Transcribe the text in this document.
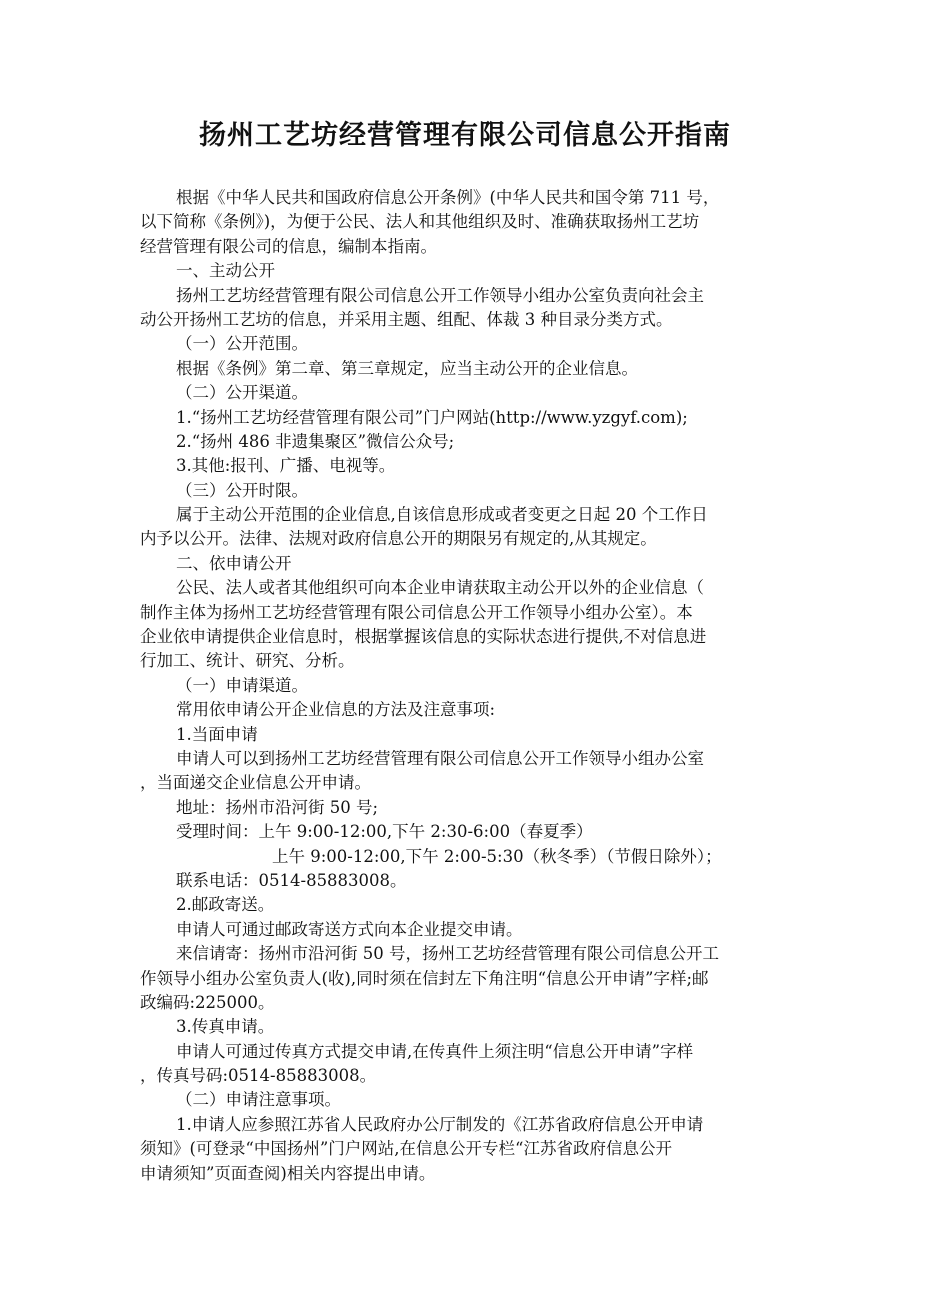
扬州工艺坊经营管理有限公司信息公开指南
根据《中华人民共和国政府信息公开条例》(中华人民共和国令第 711 号，
以下简称《条例》)，为便于公民、法人和其他组织及时、准确获取扬州工艺坊
经营管理有限公司的信息，编制本指南。
一、主动公开
扬州工艺坊经营管理有限公司信息公开工作领导小组办公室负责向社会主
动公开扬州工艺坊的信息，并采用主题、组配、体裁 3 种目录分类方式。
（一）公开范围。
根据《条例》第二章、第三章规定，应当主动公开的企业信息。
（二）公开渠道。
1.“扬州工艺坊经营管理有限公司”门户网站(http://www.yzgyf.com);
2.“扬州 486 非遗集聚区”微信公众号;
3.其他:报刊、广播、电视等。
（三）公开时限。
属于主动公开范围的企业信息,自该信息形成或者变更之日起 20 个工作日
内予以公开。法律、法规对政府信息公开的期限另有规定的,从其规定。
二、依申请公开
公民、法人或者其他组织可向本企业申请获取主动公开以外的企业信息（
制作主体为扬州工艺坊经营管理有限公司信息公开工作领导小组办公室）。本
企业依申请提供企业信息时，根据掌握该信息的实际状态进行提供,不对信息进
行加工、统计、研究、分析。
（一）申请渠道。
常用依申请公开企业信息的方法及注意事项:
1.当面申请
申请人可以到扬州工艺坊经营管理有限公司信息公开工作领导小组办公室
，当面递交企业信息公开申请。
地址：扬州市沿河街 50 号;
受理时间：上午 9:00-12:00,下午 2:30-6:00（春夏季）
上午 9:00-12:00,下午 2:00-5:30（秋冬季）（节假日除外）；
联系电话：0514-85883008。
2.邮政寄送。
申请人可通过邮政寄送方式向本企业提交申请。
来信请寄：扬州市沿河街 50 号，扬州工艺坊经营管理有限公司信息公开工
作领导小组办公室负责人(收),同时须在信封左下角注明“信息公开申请”字样;邮
政编码:225000。
3.传真申请。
申请人可通过传真方式提交申请,在传真件上须注明“信息公开申请”字样
，传真号码:0514-85883008。
（二）申请注意事项。
1.申请人应参照江苏省人民政府办公厅制发的《江苏省政府信息公开申请
须知》(可登录“中国扬州”门户网站,在信息公开专栏“江苏省政府信息公开
申请须知”页面查阅)相关内容提出申请。
